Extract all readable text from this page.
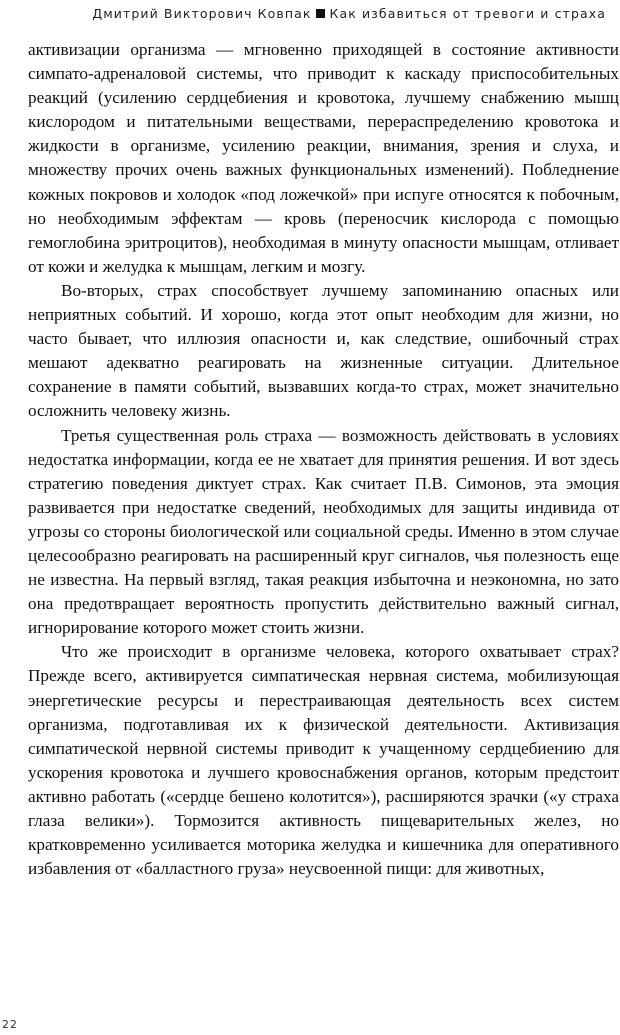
Дмитрий Викторович Ковпак Как избавиться от тревоги и страха

активизации организма — мгновенно приходящей в состояние активности симпато-адреналовой системы, что приводит к каскаду приспособительных реакций (усилению сердцебиения и кровотока, лучшему снабжению мышц кислородом и питательными веществами, перераспределению кровотока и жидкости в организме, усилению реакции, внимания, зрения и слуха, и множеству прочих очень важных функциональных изменений). Побледнение кожных покровов и холодок «под ложечкой» при испуге относятся к побочным, но необходимым эффектам — кровь (переносчик кислорода с помощью гемоглобина эритроцитов), необходимая в минуту опасности мышцам, отливает от кожи и желудка к мышцам, легким и мозгу.

Во-вторых, страх способствует лучшему запоминанию опасных или неприятных событий. И хорошо, когда этот опыт необходим для жизни, но часто бывает, что иллюзия опасности и, как следствие, ошибочный страх мешают адекватно реагировать на жизненные ситуации. Длительное сохранение в памяти событий, вызвавших когда-то страх, может значительно осложнить человеку жизнь.

Третья существенная роль страха — возможность действовать в условиях недостатка информации, когда ее не хватает для принятия решения. И вот здесь стратегию поведения диктует страх. Как считает П.В. Симонов, эта эмоция развивается при недостатке сведений, необходимых для защиты индивида от угрозы со стороны биологической или социальной среды. Именно в этом случае целесообразно реагировать на расширенный круг сигналов, чья полезность еще не известна. На первый взгляд, такая реакция избыточна и неэкономна, но зато она предотвращает вероятность пропустить действительно важный сигнал, игнорирование которого может стоить жизни.

Что же происходит в организме человека, которого охватывает страх? Прежде всего, активируется симпатическая нервная система, мобилизующая энергетические ресурсы и перестраивающая деятельность всех систем организма, подготавливая их к физической деятельности. Активизация симпатической нервной системы приводит к учащенному сердцебиению для ускорения кровотока и лучшего кровоснабжения органов, которым предстоит активно работать («сердце бешено колотится»), расширяются зрачки («у страха глаза велики»). Тормозится активность пищеварительных желез, но кратковременно усиливается моторика желудка и кишечника для оперативного избавления от «балластного груза» неусвоенной пищи: для животных,

22
